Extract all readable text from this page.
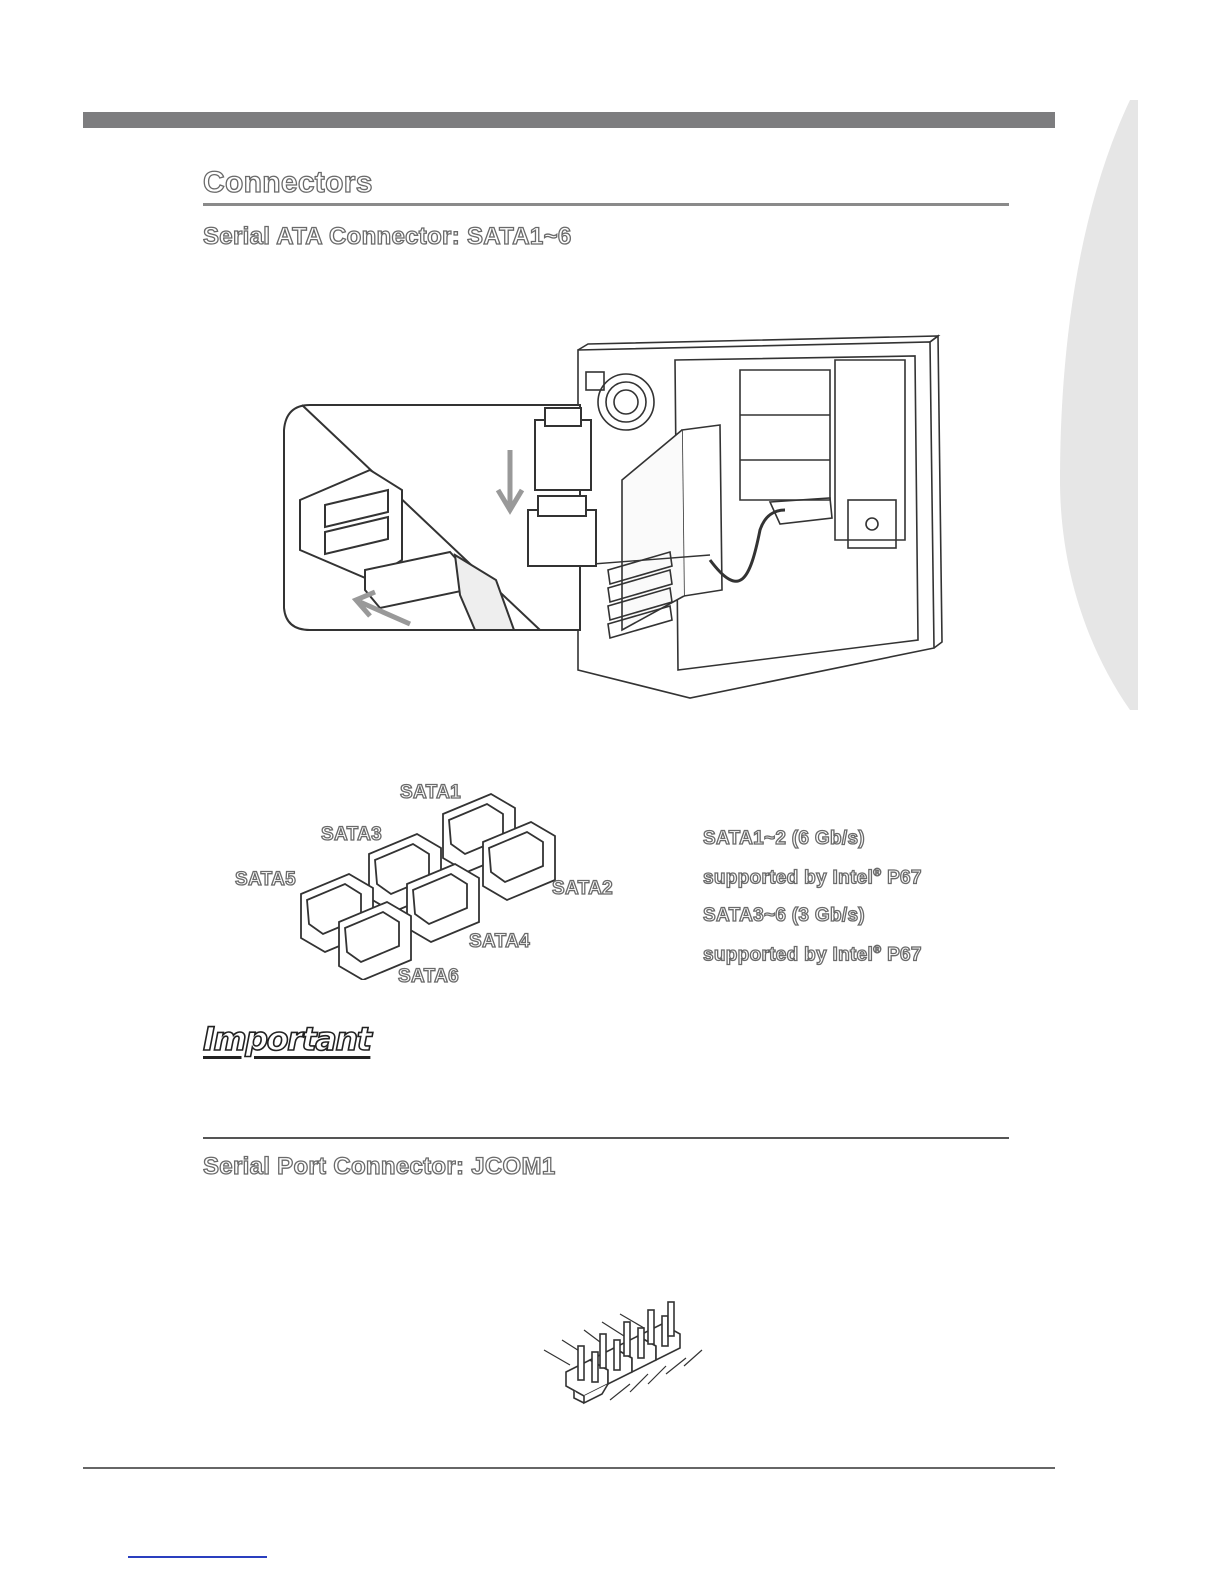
Connectors
Serial ATA Connector: SATA1~6
SATA1
SATA3
SATA5	SATA2
SATA4
SATA6
SATA1~2 (6 Gb/s)
supported by Intel® P67
SATA3~6 (3 Gb/s)
supported by Intel® P67
Important
Serial Port Connector: JCOM1
